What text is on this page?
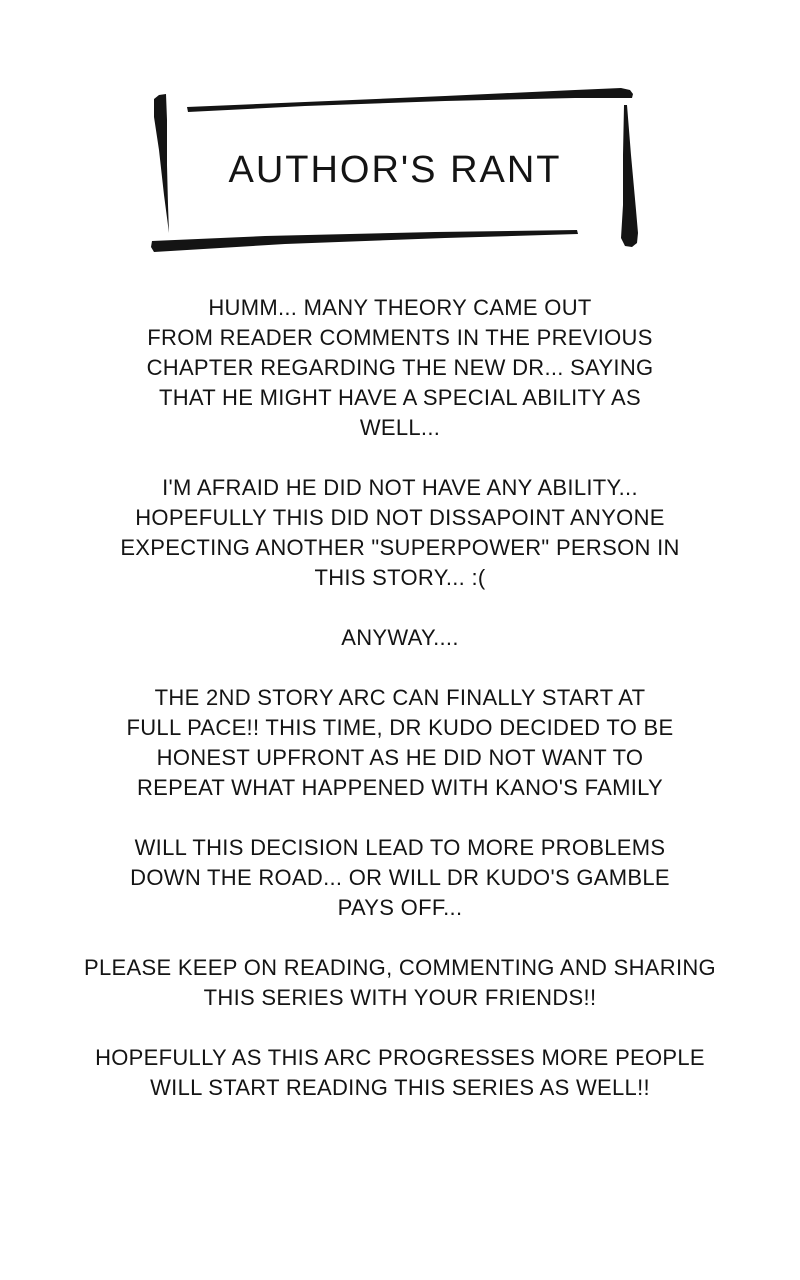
AUTHOR'S RANT
HUMM... MANY THEORY CAME OUT
FROM READER COMMENTS IN THE PREVIOUS
CHAPTER REGARDING THE NEW DR... SAYING
THAT HE MIGHT HAVE A SPECIAL ABILITY AS
WELL...
I'M AFRAID HE DID NOT HAVE ANY ABILITY...
HOPEFULLY THIS DID NOT DISSAPOINT ANYONE
EXPECTING ANOTHER "SUPERPOWER" PERSON IN
THIS STORY... :(
ANYWAY....
THE 2ND STORY ARC CAN FINALLY START AT
FULL PACE!! THIS TIME, DR KUDO DECIDED TO BE
HONEST UPFRONT AS HE DID NOT WANT TO
REPEAT WHAT HAPPENED WITH KANO'S FAMILY
WILL THIS DECISION LEAD TO MORE PROBLEMS
DOWN THE ROAD... OR WILL DR KUDO'S GAMBLE
PAYS OFF...
PLEASE KEEP ON READING, COMMENTING AND SHARING
THIS SERIES WITH YOUR FRIENDS!!
HOPEFULLY AS THIS ARC PROGRESSES MORE PEOPLE
WILL START READING THIS SERIES AS WELL!!
